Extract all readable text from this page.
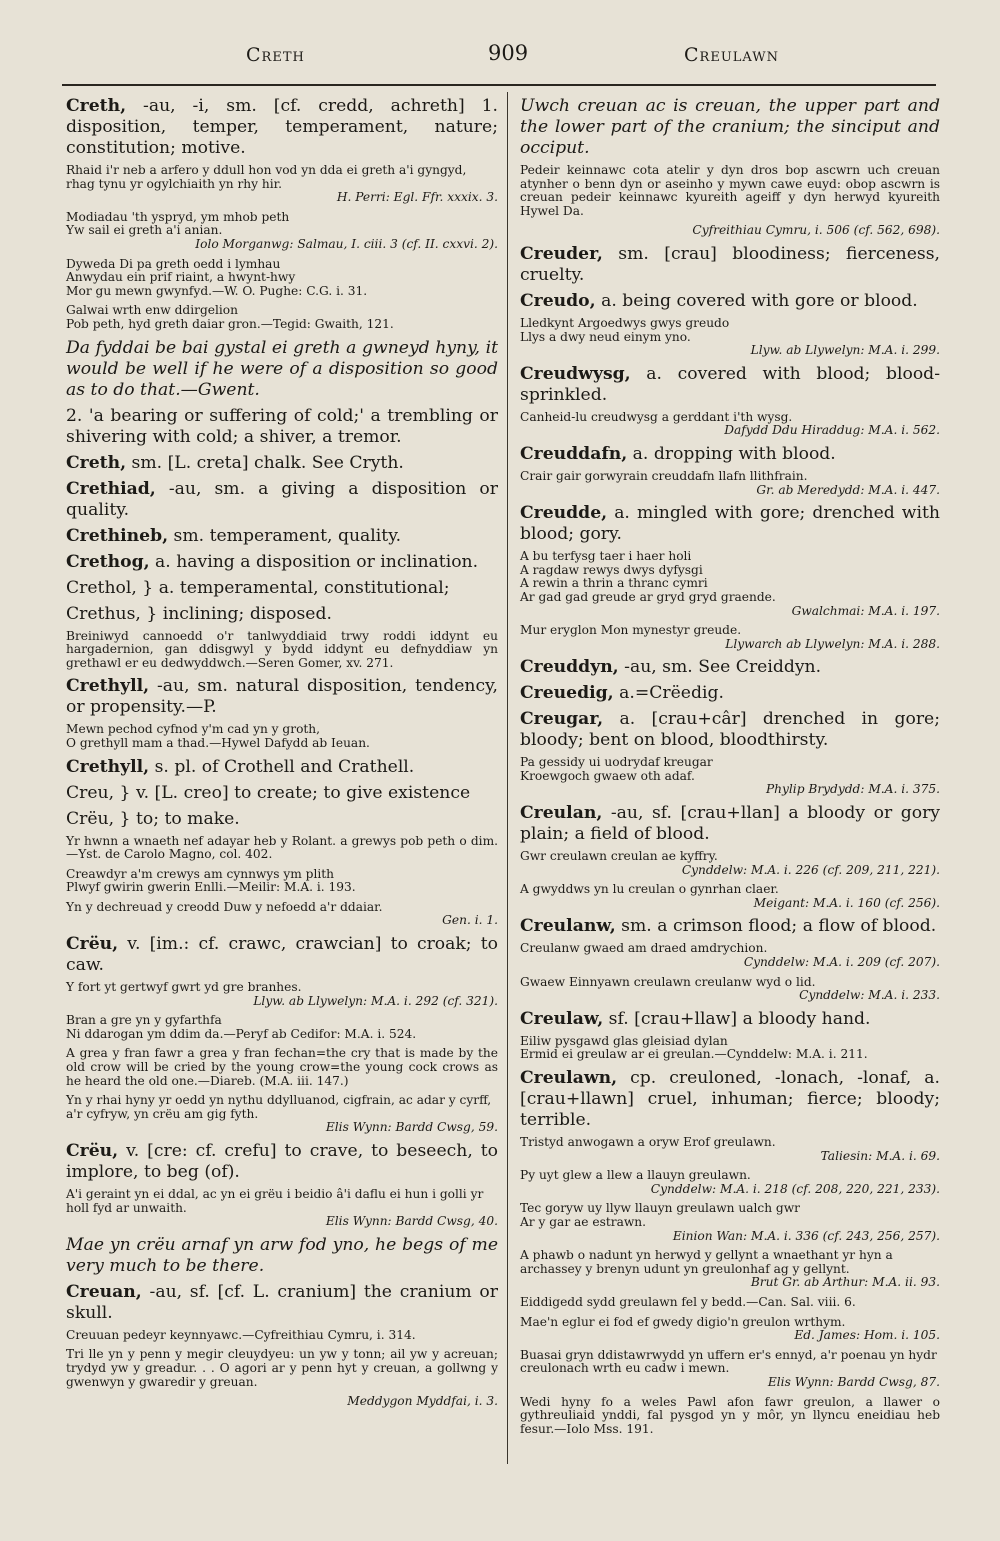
Creth	909	Creulawn

Creth, -au, -i, sm. [cf. credd, achreth] 1. disposition, temper, temperament, nature; constitution; motive.

Rhaid i'r neb a arfero y ddull hon vod yn dda ei greth a'i gyngyd, rhag tynu yr ogylchiaith yn rhy hir.
H. Perri: Egl. Ffr. xxxix. 3.
Modiadau 'th yspryd, ym mhob peth
Yw sail ei greth a'i anian.
Iolo Morganwg: Salmau, I. ciii. 3 (cf. II. cxxvi. 2).
Dyweda Di pa greth oedd i lymhau
Anwydau ein prif riaint, a hwynt-hwy
Mor gu mewn gwynfyd.—W. O. Pughe: C.G. i. 31.
Galwai wrth enw ddirgelion
Pob peth, hyd greth daiar gron.—Tegid: Gwaith, 121.

Da fyddai be bai gystal ei greth a gwneyd hyny, it would be well if he were of a disposition so good as to do that.—Gwent.

2. 'a bearing or suffering of cold;' a trembling or shivering with cold; a shiver, a tremor.

Creth, sm. [L. creta] chalk. See Cryth.

Crethiad, -au, sm. a giving a disposition or quality.

Crethineb, sm. temperament, quality.

Crethog, a. having a disposition or inclination.

Crethol, } a. temperamental, constitutional;

Crethus, } inclining; disposed.

Breiniwyd cannoedd o'r tanlwyddiaid trwy roddi iddynt eu hargadernion, gan ddisgwyl y bydd iddynt eu defnyddiaw yn grethawl er eu dedwyddwch.—Seren Gomer, xv. 271.

Crethyll, -au, sm. natural disposition, tendency, or propensity.—P.

Mewn pechod cyfnod y'm cad yn y groth,
O grethyll mam a thad.—Hywel Dafydd ab Ieuan.

Crethyll, s. pl. of Crothell and Crathell.

Creu, } v. [L. creo] to create; to give existence

Crëu, } to; to make.

Yr hwnn a wnaeth nef adayar heb y Rolant. a grewys pob peth o dim.—Yst. de Carolo Magno, col. 402.

Creawdyr a'm crewys am cynnwys ym plith
Plwyf gwirin gwerin Enlli.—Meilir: M.A. i. 193.
Yn y dechreuad y creodd Duw y nefoedd a'r ddaiar.
Gen. i. 1.

Crëu, v. [im.: cf. crawc, crawcian] to croak; to caw.

Y fort yt gertwyf gwrt yd gre branhes.
Llyw. ab Llywelyn: M.A. i. 292 (cf. 321).
Bran a gre yn y gyfarthfa
Ni ddarogan ym ddim da.—Peryf ab Cedifor: M.A. i. 524.

A grea y fran fawr a grea y fran fechan=the cry that is made by the old crow will be cried by the young crow=the young cock crows as he heard the old one.—Diareb. (M.A. iii. 147.)

Yn y rhai hyny yr oedd yn nythu ddylluanod, cigfrain, ac adar y cyrff, a'r cyfryw, yn crëu am gig fyth.
Elis Wynn: Bardd Cwsg, 59.

Crëu, v. [cre: cf. crefu] to crave, to beseech, to implore, to beg (of).

A'i geraint yn ei ddal, ac yn ei grëu i beidio â'i daflu ei hun i golli yr holl fyd ar unwaith.
Elis Wynn: Bardd Cwsg, 40.

Mae yn crëu arnaf yn arw fod yno, he begs of me very much to be there.

Creuan, -au, sf. [cf. L. cranium] the cranium or skull.

Creuuan pedeyr keynnyawc.—Cyfreithiau Cymru, i. 314.

Tri lle yn y penn y megir cleuydyeu: un yw y tonn; ail yw y acreuan; trydyd yw y greadur. . . O agori ar y penn hyt y creuan, a gollwng y gwenwyn y gwaredir y greuan.

Meddygon Myddfai, i. 3.

Uwch creuan ac is creuan, the upper part and the lower part of the cranium; the sinciput and occiput.

Pedeir keinnawc cota atelir y dyn dros bop ascwrn uch creuan atynher o benn dyn or aseinho y mywn cawe euyd: obop ascwrn is creuan pedeir keinnawc kyureith ageiff y dyn herwyd kyureith Hywel Da.

Cyfreithiau Cymru, i. 506 (cf. 562, 698).

Creuder, sm. [crau] bloodiness; fierceness, cruelty.

Creudo, a. being covered with gore or blood.

Lledkynt Argoedwys gwys greudo
Llys a dwy neud einym yno.
Llyw. ab Llywelyn: M.A. i. 299.

Creudwysg, a. covered with blood; blood-sprinkled.

Canheid-lu creudwysg a gerddant i'th wysg.
Dafydd Ddu Hiraddug: M.A. i. 562.

Creuddafn, a. dropping with blood.

Crair gair gorwyrain creuddafn llafn llithfrain.
Gr. ab Meredydd: M.A. i. 447.

Creudde, a. mingled with gore; drenched with blood; gory.

A bu terfysg taer i haer holi
A ragdaw rewys dwys dyfysgi
A rewin a thrin a thranc cymri
Ar gad gad greude ar gryd gryd graende.
Gwalchmai: M.A. i. 197.
Mur eryglon Mon mynestyr greude.
Llywarch ab Llywelyn: M.A. i. 288.

Creuddyn, -au, sm. See Creiddyn.

Creuedig, a.=Crëedig.

Creugar, a. [crau+câr] drenched in gore; bloody; bent on blood, bloodthirsty.

Pa gessidy ui uodrydaf kreugar
Kroewgoch gwaew oth adaf.
Phylip Brydydd: M.A. i. 375.

Creulan, -au, sf. [crau+llan] a bloody or gory plain; a field of blood.

Gwr creulawn creulan ae kyffry.
Cynddelw: M.A. i. 226 (cf. 209, 211, 221).
A gwyddws yn lu creulan o gynrhan claer.
Meigant: M.A. i. 160 (cf. 256).

Creulanw, sm. a crimson flood; a flow of blood.

Creulanw gwaed am draed amdrychion.
Cynddelw: M.A. i. 209 (cf. 207).
Gwaew Einnyawn creulawn creulanw wyd o lid.
Cynddelw: M.A. i. 233.

Creulaw, sf. [crau+llaw] a bloody hand.

Eiliw pysgawd glas gleisiad dylan
Ermid ei greulaw ar ei greulan.—Cynddelw: M.A. i. 211.

Creulawn, cp. creuloned, -lonach, -lonaf, a. [crau+llawn] cruel, inhuman; fierce; bloody; terrible.

Tristyd anwogawn a oryw Erof greulawn.
Taliesin: M.A. i. 69.
Py uyt glew a llew a llauyn greulawn.
Cynddelw: M.A. i. 218 (cf. 208, 220, 221, 233).
Tec goryw uy llyw llauyn greulawn ualch gwr
Ar y gar ae estrawn.
Einion Wan: M.A. i. 336 (cf. 243, 256, 257).
A phawb o nadunt yn herwyd y gellynt a wnaethant yr hyn a archassey y brenyn udunt yn greulonhaf ag y gellynt.
Brut Gr. ab Arthur: M.A. ii. 93.
Eiddigedd sydd greulawn fel y bedd.—Can. Sal. viii. 6.
Mae'n eglur ei fod ef gwedy digio'n greulon wrthym.
Ed. James: Hom. i. 105.
Buasai gryn ddistawrwydd yn uffern er's ennyd, a'r poenau yn hydr creulonach wrth eu cadw i mewn.
Elis Wynn: Bardd Cwsg, 87.

Wedi hyny fo a weles Pawl afon fawr greulon, a llawer o gythreuliaid ynddi, fal pysgod yn y môr, yn llyncu eneidiau heb fesur.—Iolo Mss. 191.
